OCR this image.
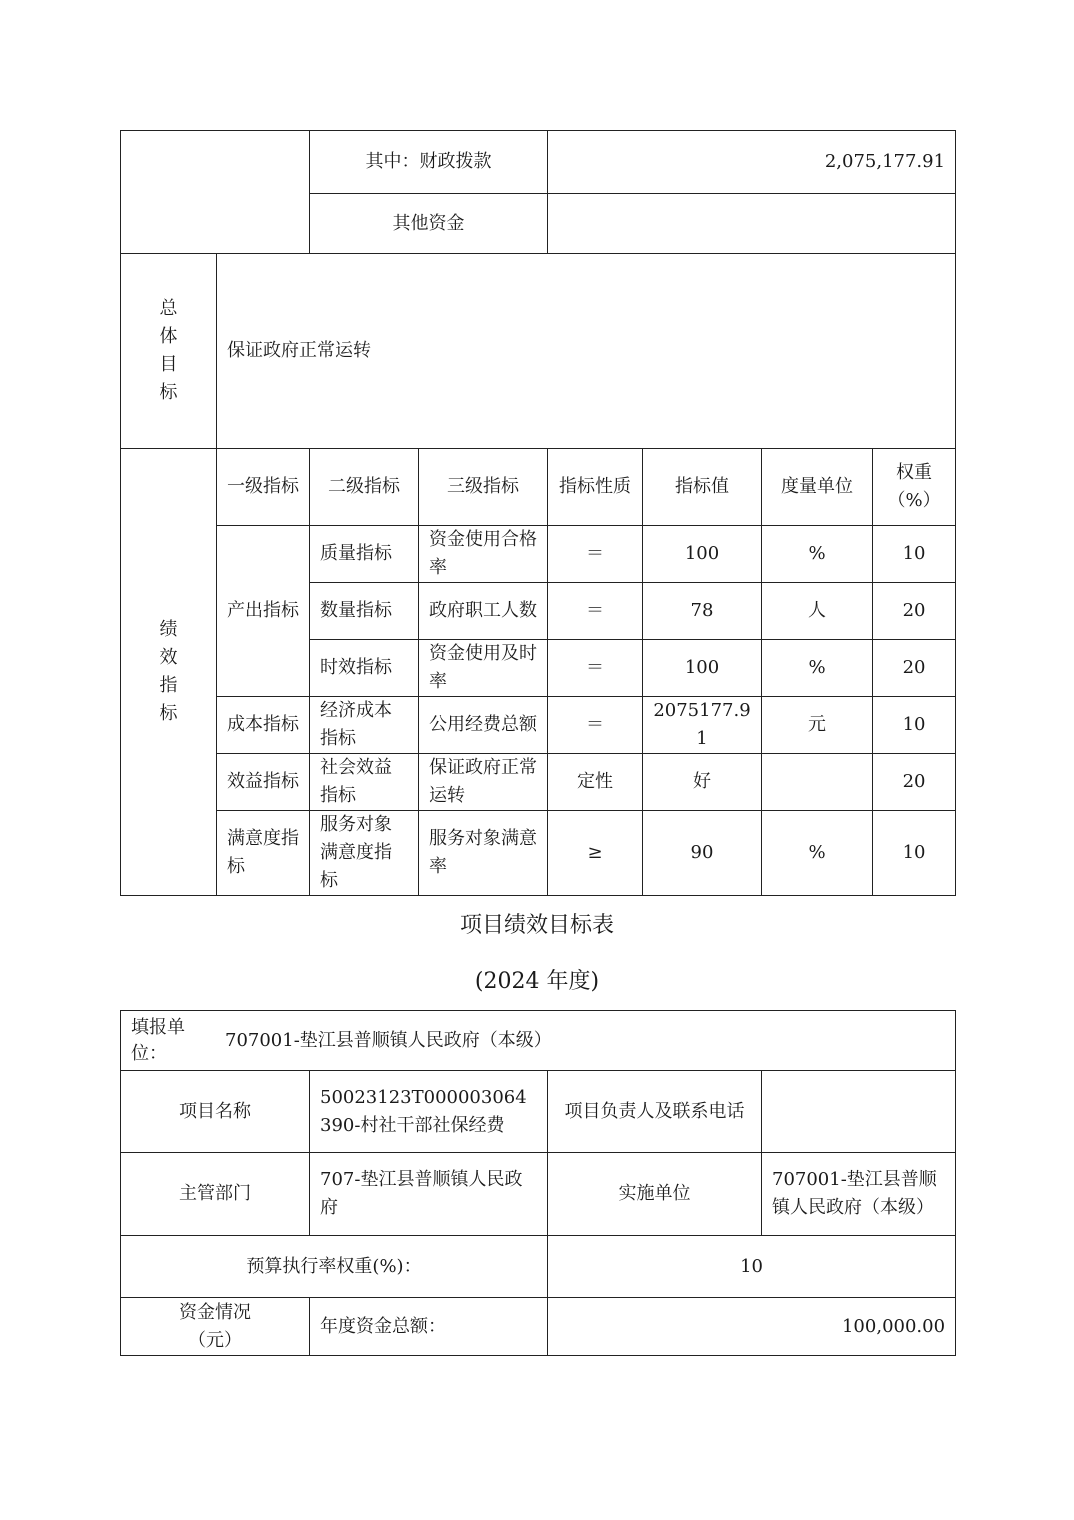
		其中：财政拨款		2,075,177.91			
		其他资金					
总
体
目
标	保证政府正常运转						
绩
效
指
标	一级指标	二级指标	三级指标	指标性质	指标值	度量单位	权重（%）
	产出指标	质量指标	资金使用合格率	＝	100	%	10
		数量指标	政府职工人数	＝	78	人	20
		时效指标	资金使用及时率	＝	100	%	20
	成本指标	经济成本指标	公用经费总额	＝	2075177.91	元	10
	效益指标	社会效益指标	保证政府正常运转	定性	好		20
	满意度指标	服务对象满意度指标	服务对象满意率	≥	90	%	10
项目绩效目标表
(2024 年度)
填报单位：707001-垫江县普顺镇人民政府（本级）			
项目名称	50023123T000003064390-村社干部社保经费	项目负责人及联系电话	
主管部门	707-垫江县普顺镇人民政府	实施单位	707001-垫江县普顺镇人民政府（本级）
预算执行率权重(%)：		10	
资金情况（元）	年度资金总额：	100,000.00	
